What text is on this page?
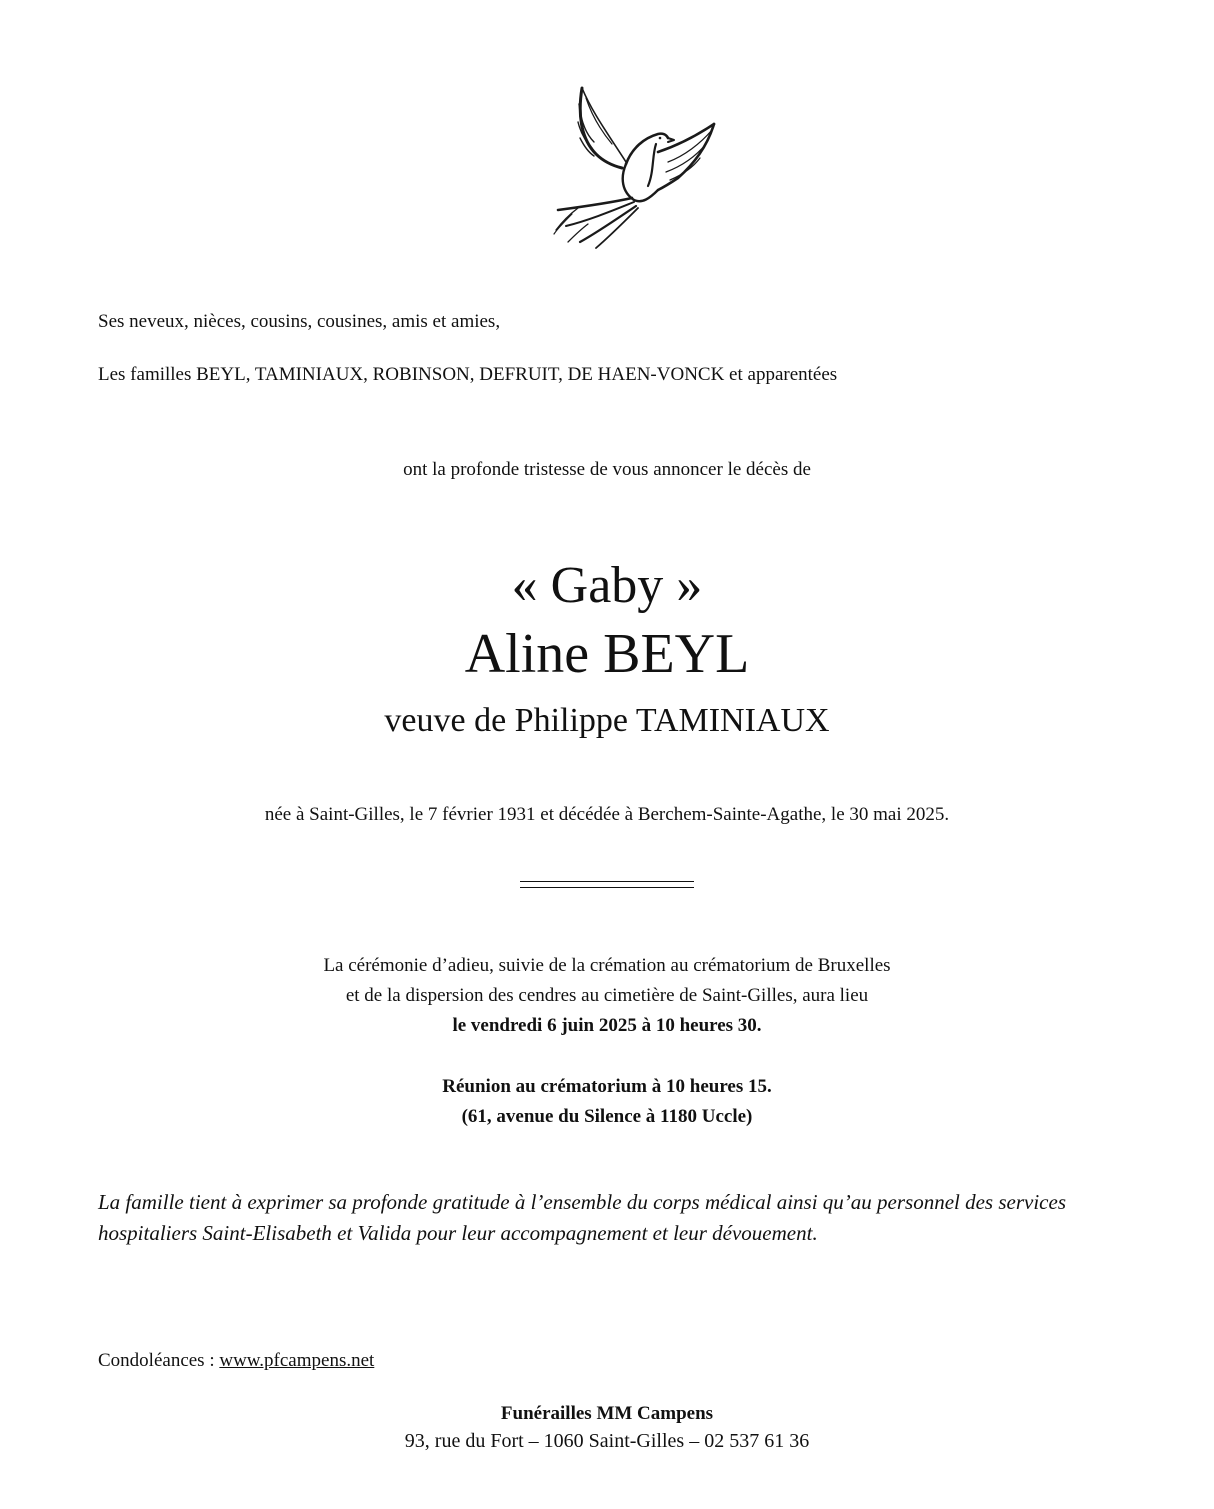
Ses neveux, nièces, cousins, cousines, amis et amies,
Les familles BEYL, TAMINIAUX, ROBINSON, DEFRUIT, DE HAEN-VONCK et apparentées
ont la profonde tristesse de vous annoncer le décès de
« Gaby »
Aline BEYL
veuve de Philippe TAMINIAUX
née à Saint-Gilles, le 7 février 1931 et décédée à Berchem-Sainte-Agathe, le 30 mai 2025.
La cérémonie d’adieu, suivie de la crémation au crématorium de Bruxelles
et de la dispersion des cendres au cimetière de Saint-Gilles, aura lieu
le vendredi 6 juin 2025 à 10 heures 30.
Réunion au crématorium à 10 heures 15.
(61, avenue du Silence à 1180 Uccle)
La famille tient à exprimer sa profonde gratitude à l’ensemble du corps médical ainsi qu’au personnel des services hospitaliers Saint-Elisabeth et Valida pour leur accompagnement et leur dévouement.
Condoléances : www.pfcampens.net
Funérailles MM Campens
93, rue du Fort – 1060 Saint-Gilles – 02 537 61 36
